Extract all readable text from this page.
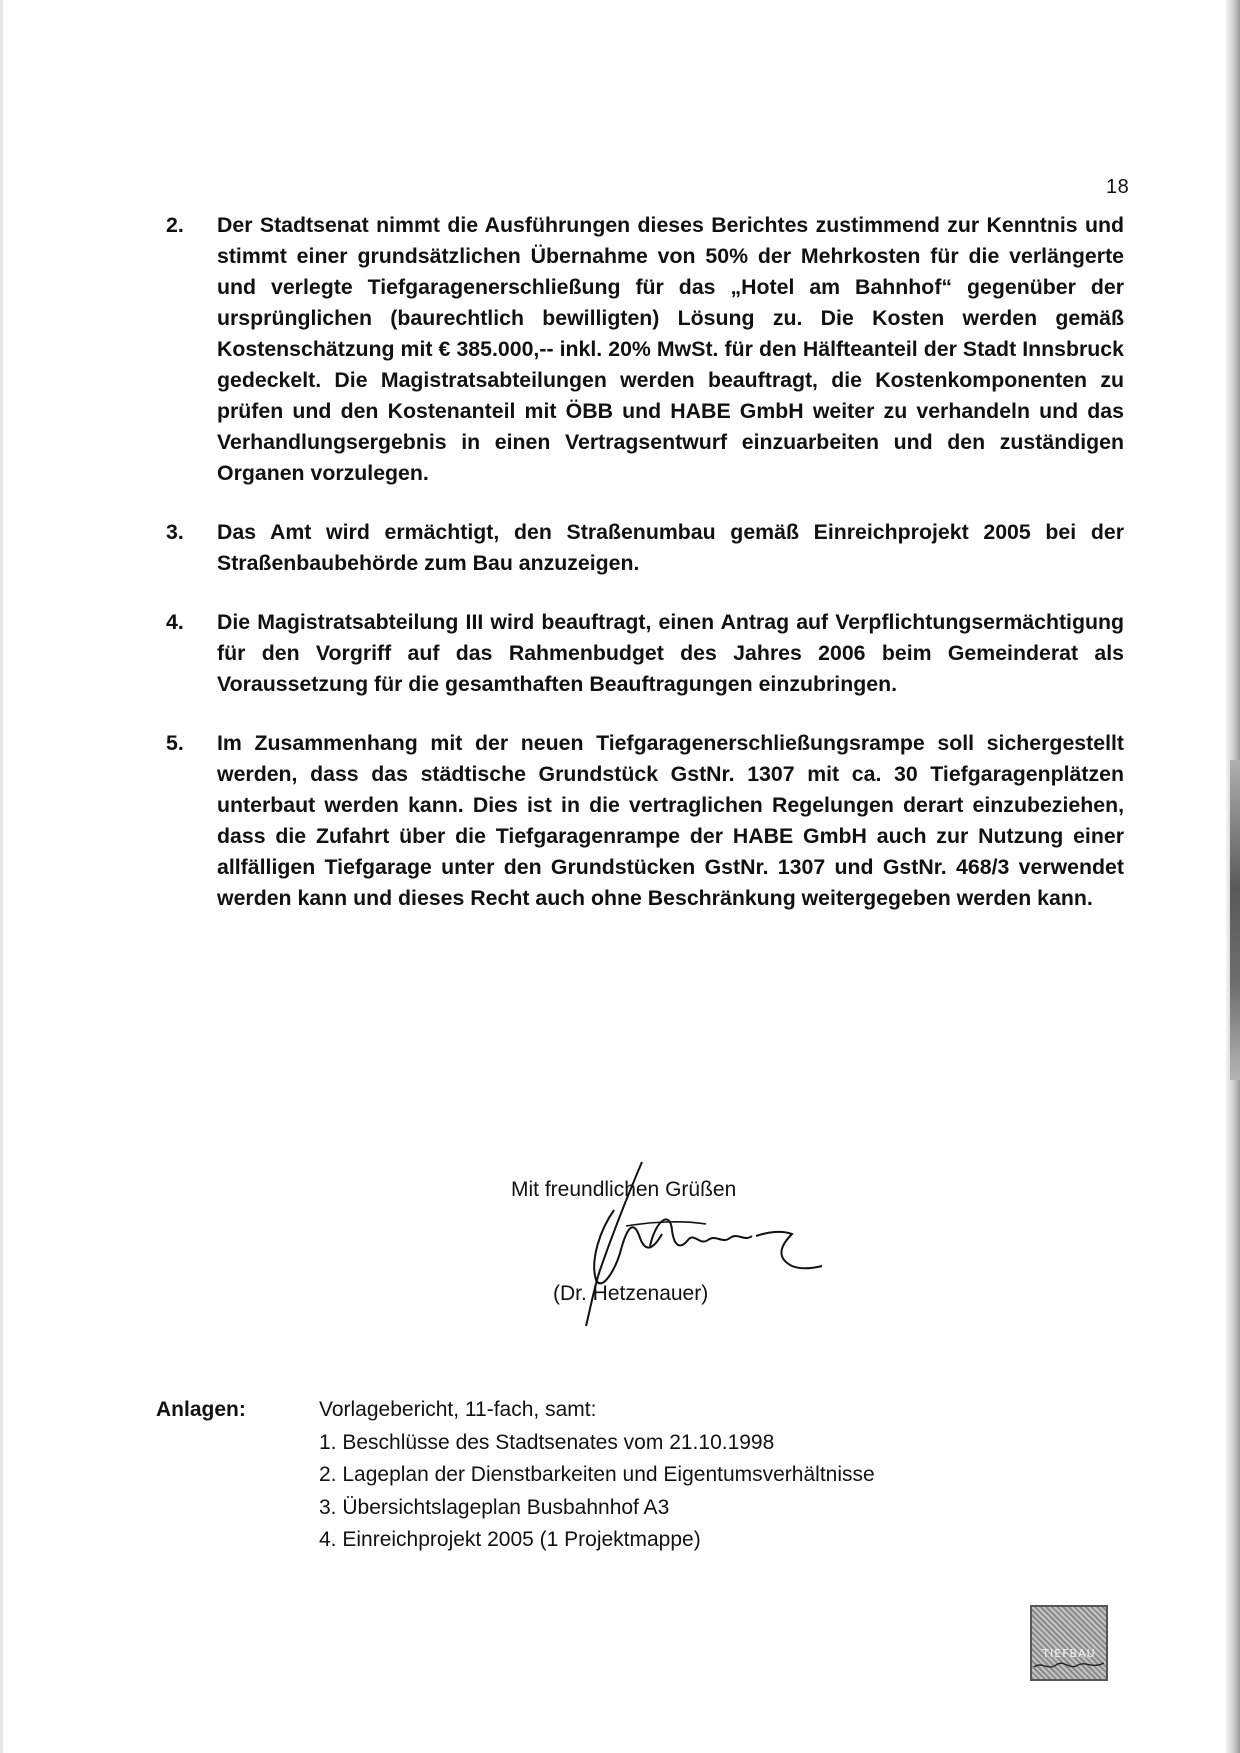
18
2.	Der Stadtsenat nimmt die Ausführungen dieses Berichtes zustimmend zur Kenntnis und stimmt einer grundsätzlichen Übernahme von 50% der Mehrkosten für die verlängerte und verlegte Tiefgaragenerschließung für das „Hotel am Bahnhof“ gegenüber der ursprünglichen (baurechtlich bewilligten) Lösung zu. Die Kosten werden gemäß Kostenschätzung mit € 385.000,-- inkl. 20% MwSt. für den Hälfteanteil der Stadt Innsbruck gedeckelt. Die Magistratsabteilungen werden beauftragt, die Kostenkomponenten zu prüfen und den Kostenanteil mit ÖBB und HABE GmbH weiter zu verhandeln und das Verhandlungsergebnis in einen Vertragsentwurf einzuarbeiten und den zuständigen Organen vorzulegen.
3.	Das Amt wird ermächtigt, den Straßenumbau gemäß Einreichprojekt 2005 bei der Straßenbaubehörde zum Bau anzuzeigen.
4.	Die Magistratsabteilung III wird beauftragt, einen Antrag auf Verpflichtungsermächtigung für den Vorgriff auf das Rahmenbudget des Jahres 2006 beim Gemeinderat als Voraussetzung für die gesamthaften Beauftragungen einzubringen.
5.	Im Zusammenhang mit der neuen Tiefgaragenerschließungsrampe soll sichergestellt werden, dass das städtische Grundstück GstNr. 1307 mit ca. 30 Tiefgaragenplätzen unterbaut werden kann. Dies ist in die vertraglichen Regelungen derart einzubeziehen, dass die Zufahrt über die Tiefgaragenrampe der HABE GmbH auch zur Nutzung einer allfälligen Tiefgarage unter den Grundstücken GstNr. 1307 und GstNr. 468/3 verwendet werden kann und dieses Recht auch ohne Beschränkung weitergegeben werden kann.
Mit freundlichen Grüßen
(Dr. Hetzenauer)
Anlagen:	Vorlagebericht, 11-fach, samt:
1. Beschlüsse des Stadtsenates vom 21.10.1998
2. Lageplan der Dienstbarkeiten und Eigentumsverhältnisse
3. Übersichtslageplan Busbahnhof A3
4. Einreichprojekt 2005 (1 Projektmappe)
TIEFBAU
